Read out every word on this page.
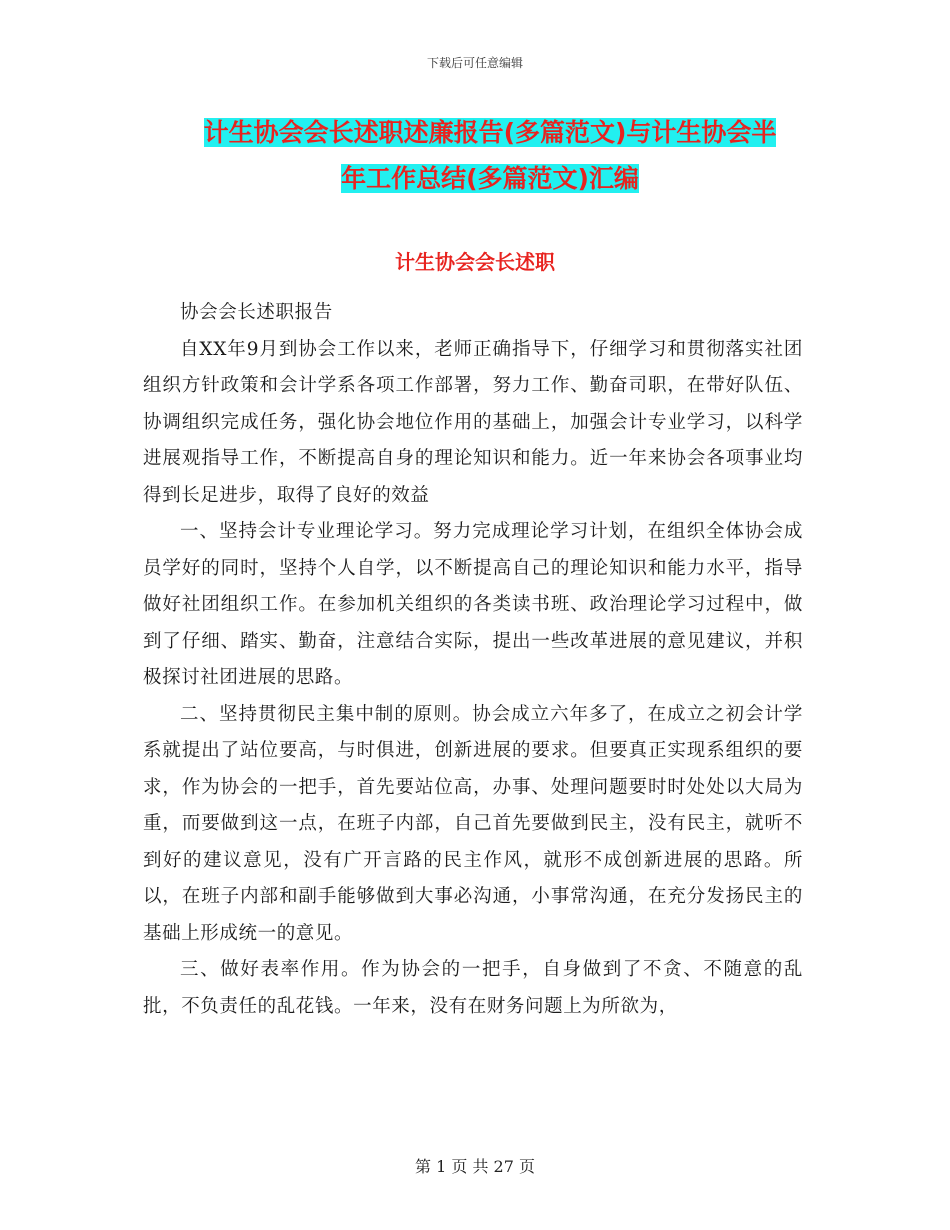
下载后可任意编辑
计生协会会长述职述廉报告(多篇范文)与计生协会半
年工作总结(多篇范文)汇编
计生协会会长述职

协会会长述职报告

自XX年9月到协会工作以来，老师正确指导下，仔细学习和贯彻落实社团组织方针政策和会计学系各项工作部署，努力工作、勤奋司职，在带好队伍、协调组织完成任务，强化协会地位作用的基础上，加强会计专业学习，以科学进展观指导工作，不断提高自身的理论知识和能力。近一年来协会各项事业均得到长足进步，取得了良好的效益

一、坚持会计专业理论学习。努力完成理论学习计划，在组织全体协会成员学好的同时，坚持个人自学，以不断提高自己的理论知识和能力水平，指导做好社团组织工作。在参加机关组织的各类读书班、政治理论学习过程中，做到了仔细、踏实、勤奋，注意结合实际，提出一些改革进展的意见建议，并积极探讨社团进展的思路。

二、坚持贯彻民主集中制的原则。协会成立六年多了，在成立之初会计学系就提出了站位要高，与时俱进，创新进展的要求。但要真正实现系组织的要求，作为协会的一把手，首先要站位高，办事、处理问题要时时处处以大局为重，而要做到这一点，在班子内部，自己首先要做到民主，没有民主，就听不到好的建议意见，没有广开言路的民主作风，就形不成创新进展的思路。所以，在班子内部和副手能够做到大事必沟通，小事常沟通，在充分发扬民主的基础上形成统一的意见。

三、做好表率作用。作为协会的一把手，自身做到了不贪、不随意的乱批，不负责任的乱花钱。一年来，没有在财务问题上为所欲为，

第 1 页 共 27 页
